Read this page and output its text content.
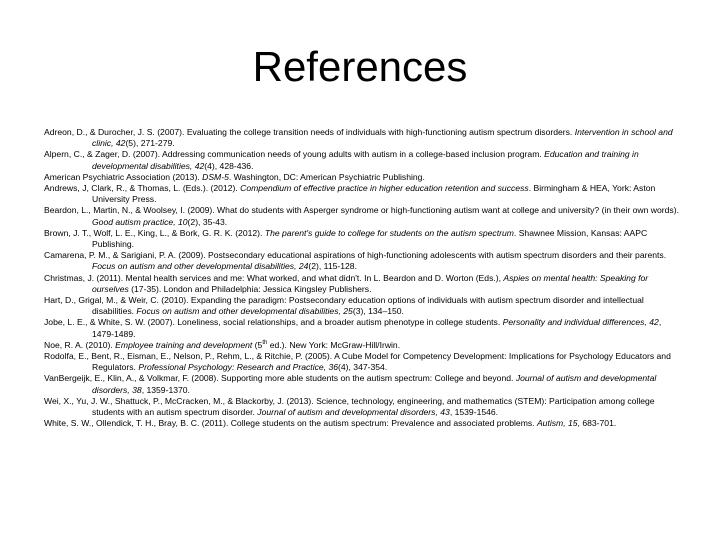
References

Adreon, D., & Durocher, J. S. (2007). Evaluating the college transition needs of individuals with high-functioning autism spectrum disorders. Intervention in school and clinic, 42(5), 271-279.

Alpern, C., & Zager, D. (2007). Addressing communication needs of young adults with autism in a college-based inclusion program. Education and training in developmental disabilities, 42(4), 428-436.

American Psychiatric Association (2013). DSM-5. Washington, DC: American Psychiatric Publishing.

Andrews, J, Clark, R., & Thomas, L. (Eds.). (2012). Compendium of effective practice in higher education retention and success. Birmingham & HEA, York: Aston University Press.

Beardon, L., Martin, N., & Woolsey, I. (2009). What do students with Asperger syndrome or high-functioning autism want at college and university? (in their own words). Good autism practice, 10(2), 35-43.

Brown, J. T., Wolf, L. E., King, L., & Bork, G. R. K. (2012). The parent's guide to college for students on the autism spectrum. Shawnee Mission, Kansas: AAPC Publishing.

Camarena, P. M., & Sarigiani, P. A. (2009). Postsecondary educational aspirations of high-functioning adolescents with autism spectrum disorders and their parents. Focus on autism and other developmental disabilities, 24(2), 115-128.

Christmas, J. (2011). Mental health services and me: What worked, and what didn't. In L. Beardon and D. Worton (Eds.), Aspies on mental health: Speaking for ourselves (17-35). London and Philadelphia: Jessica Kingsley Publishers.

Hart, D., Grigal, M., & Weir, C. (2010). Expanding the paradigm: Postsecondary education options of individuals with autism spectrum disorder and intellectual disabilities. Focus on autism and other developmental disabilities, 25(3), 134–150.

Jobe, L. E., & White, S. W. (2007). Loneliness, social relationships, and a broader autism phenotype in college students. Personality and individual differences, 42, 1479-1489.

Noe, R. A. (2010). Employee training and development (5th ed.). New York: McGraw-Hill/Irwin.

Rodolfa, E., Bent, R., Eisman, E., Nelson, P., Rehm, L., & Ritchie, P. (2005). A Cube Model for Competency Development: Implications for Psychology Educators and Regulators. Professional Psychology: Research and Practice, 36(4), 347-354.

VanBergeijk, E., Klin, A., & Volkmar, F. (2008). Supporting more able students on the autism spectrum: College and beyond. Journal of autism and developmental disorders, 38, 1359-1370.

Wei, X., Yu, J. W., Shattuck, P., McCracken, M., & Blackorby, J. (2013). Science, technology, engineering, and mathematics (STEM): Participation among college students with an autism spectrum disorder. Journal of autism and developmental disorders, 43, 1539-1546.

White, S. W., Ollendick, T. H., Bray, B. C. (2011). College students on the autism spectrum: Prevalence and associated problems. Autism, 15, 683-701.
